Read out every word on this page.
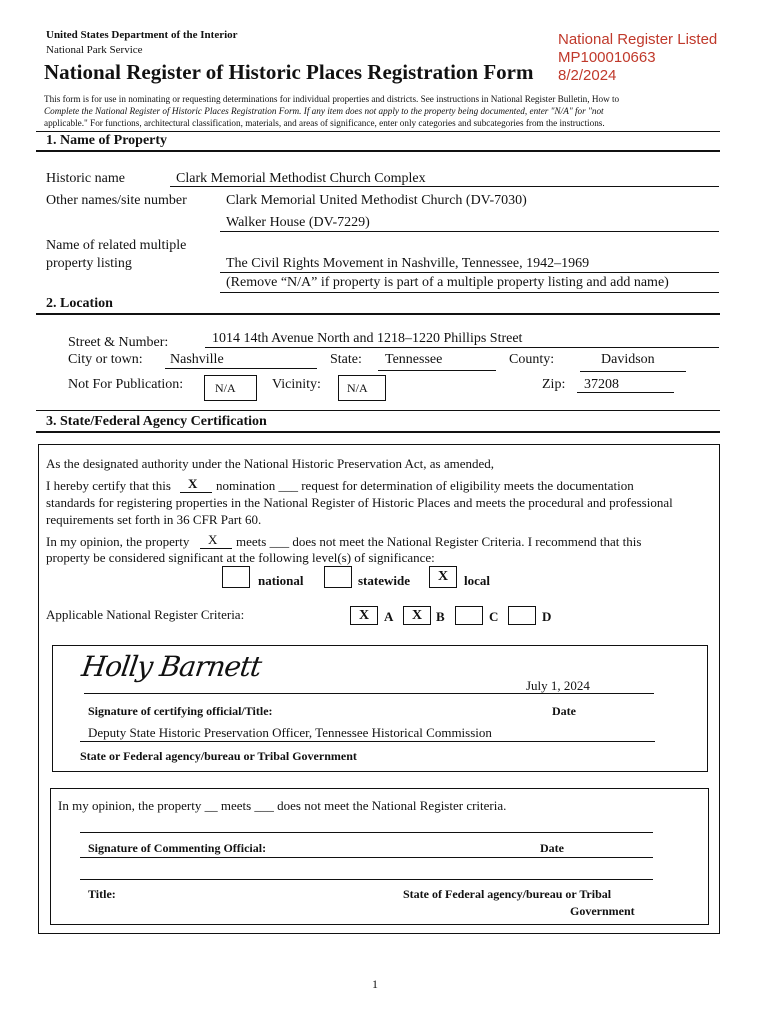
United States Department of the Interior
National Park Service
National Register of Historic Places Registration Form
National Register Listed
MP100010663
8/2/2024
This form is for use in nominating or requesting determinations for individual properties and districts. See instructions in National Register Bulletin, How to
Complete the National Register of Historic Places Registration Form. If any item does not apply to the property being documented, enter "N/A" for "not
applicable." For functions, architectural classification, materials, and areas of significance, enter only categories and subcategories from the instructions.
1. Name of Property
Historic name	Clark Memorial Methodist Church Complex
Other names/site number	Clark Memorial United Methodist Church (DV-7030)
Walker House (DV-7229)
Name of related multiple
property listing	The Civil Rights Movement in Nashville, Tennessee, 1942–1969
(Remove “N/A” if property is part of a multiple property listing and add name)
2. Location
Street & Number:	1014 14th Avenue North and 1218–1220 Phillips Street
City or town: Nashville	State: Tennessee	County:	Davidson
Not For Publication:	N/A	Vicinity:	N/A	Zip: 37208
3. State/Federal Agency Certification
As the designated authority under the National Historic Preservation Act, as amended,
I hereby certify that this X nomination ___ request for determination of eligibility meets the documentation
standards for registering properties in the National Register of Historic Places and meets the procedural and professional
requirements set forth in 36 CFR Part 60.
In my opinion, the property X meets ___ does not meet the National Register Criteria. I recommend that this
property be considered significant at the following level(s) of significance:
national	statewide	X	local
Applicable National Register Criteria:	X	A	X	B	C	D
Holly Barnett
July 1, 2024
Signature of certifying official/Title:	Date
Deputy State Historic Preservation Officer, Tennessee Historical Commission
State or Federal agency/bureau or Tribal Government
In my opinion, the property __ meets ___ does not meet the National Register criteria.
Signature of Commenting Official:	Date
Title:	State of Federal agency/bureau or Tribal
Government
1
